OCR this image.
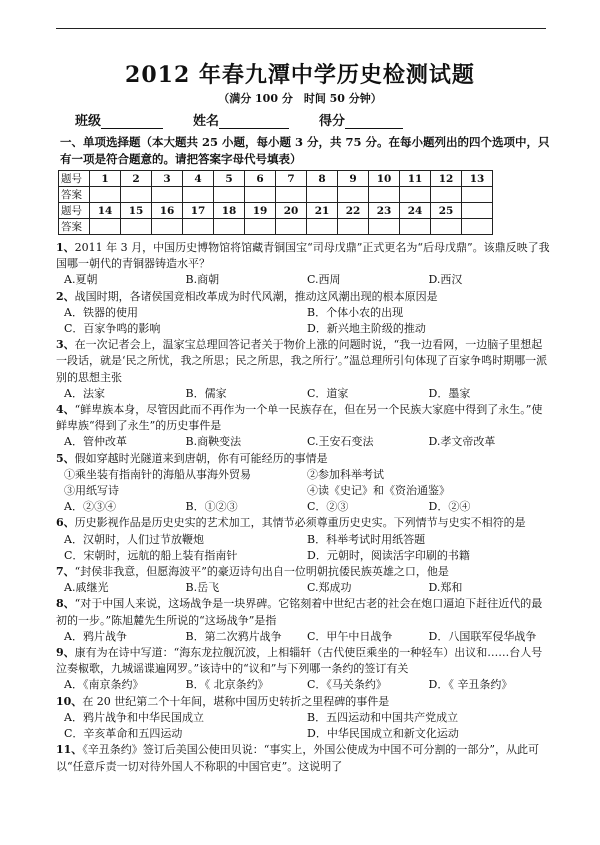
2012 年春九潭中学历史检测试题
（满分 100 分　时间 50 分钟）
班级	姓名	得分
一、单项选择题（本大题共 25 小题，每小题 3 分，共 75 分。在每小题列出的四个选项中，只有一项是符合题意的。请把答案字母代号填表）
题号	1	2	3	4	5	6	7	8	9	10	11	12	13
答案													
题号	14	15	16	17	18	19	20	21	22	23	24	25	
答案													

1、2011 年 3 月，中国历史博物馆将馆藏青铜国宝“司母戊鼎”正式更名为“后母戊鼎”。该鼎反映了我国哪一朝代的青铜器铸造水平？

A.夏朝	B.商朝	C.西周	D.西汉

2、战国时期，各诸侯国竞相改革成为时代风潮，推动这风潮出现的根本原因是

A．铁器的使用	B．个体小农的出现
C．百家争鸣的影响	D．新兴地主阶级的推动

3、在一次记者会上，温家宝总理回答记者关于物价上涨的问题时说，“我一边看网，一边脑子里想起一段话，就是‘民之所忧，我之所思；民之所思，我之所行’。”温总理所引句体现了百家争鸣时期哪一派别的思想主张

A．法家	B．儒家	C．道家	D．墨家

4、“鲜卑族本身，尽管因此而不再作为一个单一民族存在，但在另一个民族大家庭中得到了永生。”使鲜卑族“得到了永生”的历史事件是

A．管仲改革	B.商鞅变法	C.王安石变法	D.孝文帝改革

5、假如穿越时光隧道来到唐朝，你有可能经历的事情是

①乘坐装有指南针的海船从事海外贸易	②参加科举考试
③用纸写诗	④读《史记》和《资治通鉴》
A．②③④	B．①②③	C．②③	D．②④

6、历史影视作品是历史史实的艺术加工，其情节必须尊重历史史实。下列情节与史实不相符的是

A．汉朝时，人们过节放鞭炮	B．科举考试时用纸答题
C．宋朝时，远航的船上装有指南针	D．元朝时，阅读活字印刷的书籍

7、“封侯非我意，但愿海波平”的豪迈诗句出自一位明朝抗倭民族英雄之口，他是

A.戚继光	B.岳飞	C.郑成功	D.郑和

8、“对于中国人来说，这场战争是一块界碑。它铭刻着中世纪古老的社会在炮口逼迫下赶往近代的最初的一步。”陈旭麓先生所说的“这场战争”是指

A．鸦片战争	B．第二次鸦片战争	C．甲午中日战争	D．八国联军侵华战争

9、康有为在诗中写道：“海东龙拉舰沉波，上相辎轩（古代使臣乘坐的一种轻车）出议和……台人号泣奏椒歌，九城谣谍遍网罗。”该诗中的“议和”与下列哪一条约的签订有关

A．《南京条约》	B．《 北京条约》	C．《马关条约》	D．《 辛丑条约》

10、在 20 世纪第二个十年间，堪称中国历史转折之里程碑的事件是

A．鸦片战争和中华民国成立	B．五四运动和中国共产党成立
C．辛亥革命和五四运动	D．中华民国成立和新文化运动

11、《辛丑条约》签订后美国公使田贝说：“事实上，外国公使成为中国不可分割的一部分”，从此可以“任意斥责一切对待外国人不称职的中国官吏”。这说明了
